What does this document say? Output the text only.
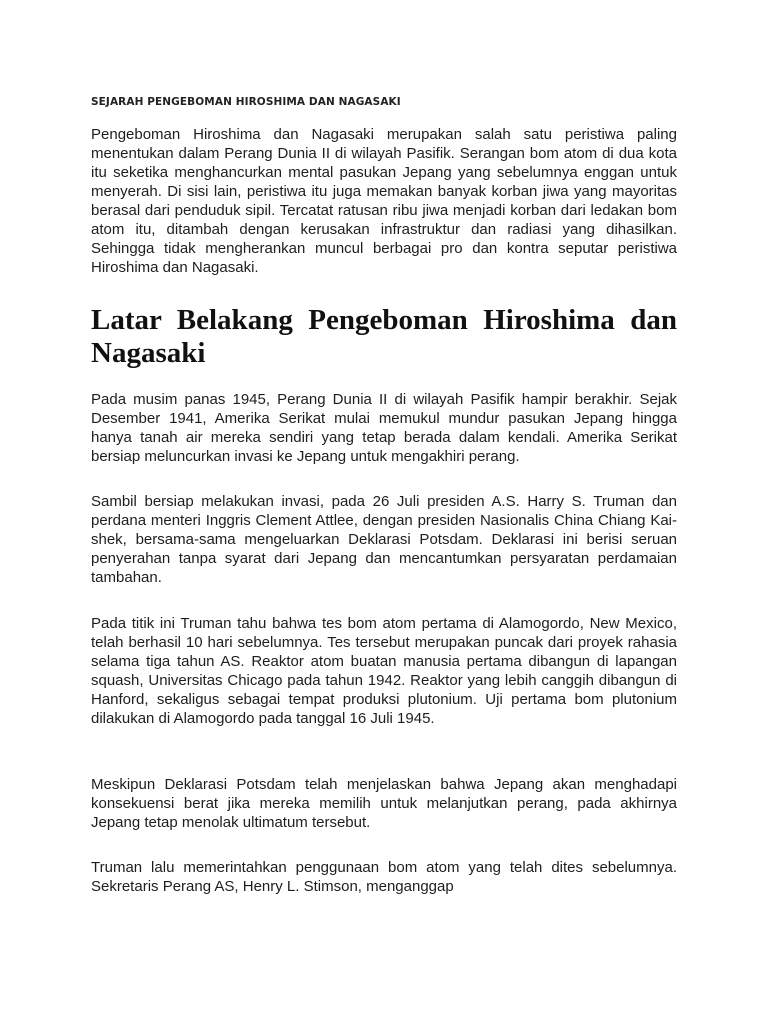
SEJARAH PENGEBOMAN HIROSHIMA DAN NAGASAKI

Pengeboman Hiroshima dan Nagasaki merupakan salah satu peristiwa paling menentukan dalam Perang Dunia II di wilayah Pasifik. Serangan bom atom di dua kota itu seketika menghancurkan mental pasukan Jepang yang sebelumnya enggan untuk menyerah. Di sisi lain, peristiwa itu juga memakan banyak korban jiwa yang mayoritas berasal dari penduduk sipil. Tercatat ratusan ribu jiwa menjadi korban dari ledakan bom atom itu, ditambah dengan kerusakan infrastruktur dan radiasi yang dihasilkan. Sehingga tidak mengherankan muncul berbagai pro dan kontra seputar peristiwa Hiroshima dan Nagasaki.

Latar Belakang Pengeboman Hiroshima dan Nagasaki

Pada musim panas 1945, Perang Dunia II di wilayah Pasifik hampir berakhir. Sejak Desember 1941, Amerika Serikat mulai memukul mundur pasukan Jepang hingga hanya tanah air mereka sendiri yang tetap berada dalam kendali. Amerika Serikat bersiap meluncurkan invasi ke Jepang untuk mengakhiri perang.

Sambil bersiap melakukan invasi, pada 26 Juli presiden A.S. Harry S. Truman dan perdana menteri Inggris Clement Attlee, dengan presiden Nasionalis China Chiang Kai-shek, bersama-sama mengeluarkan Deklarasi Potsdam. Deklarasi ini berisi seruan penyerahan tanpa syarat dari Jepang dan mencantumkan persyaratan perdamaian tambahan.

Pada titik ini Truman tahu bahwa tes bom atom pertama di Alamogordo, New Mexico, telah berhasil 10 hari sebelumnya. Tes tersebut merupakan puncak dari proyek rahasia selama tiga tahun AS. Reaktor atom buatan manusia pertama dibangun di lapangan squash, Universitas Chicago pada tahun 1942. Reaktor yang lebih canggih dibangun di Hanford, sekaligus sebagai tempat produksi plutonium. Uji pertama bom plutonium dilakukan di Alamogordo pada tanggal 16 Juli 1945.

Meskipun Deklarasi Potsdam telah menjelaskan bahwa Jepang akan menghadapi konsekuensi berat jika mereka memilih untuk melanjutkan perang, pada akhirnya Jepang tetap menolak ultimatum tersebut.

Truman lalu memerintahkan penggunaan bom atom yang telah dites sebelumnya. Sekretaris Perang AS, Henry L. Stimson, menganggap
